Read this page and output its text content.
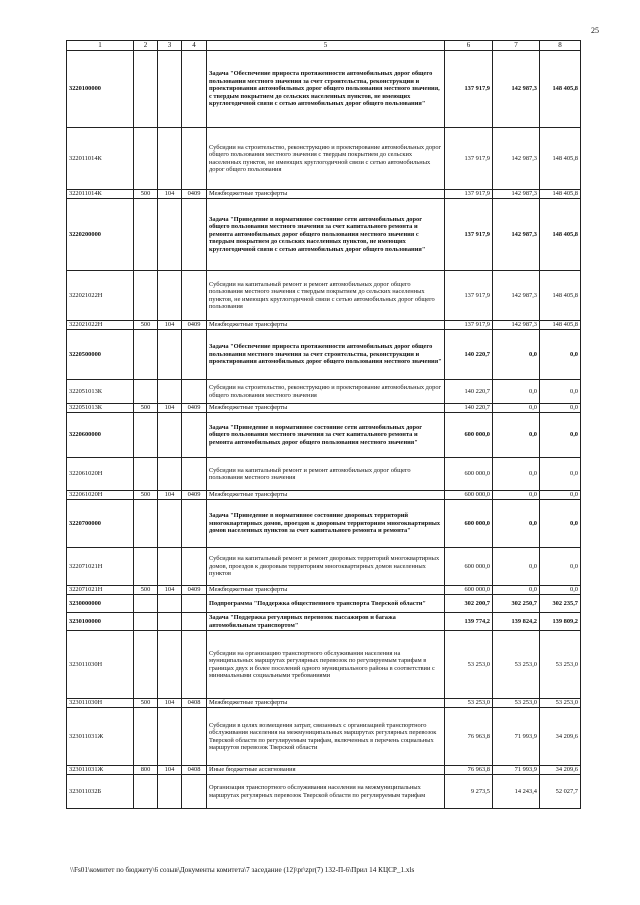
25
1	2	3	4	5	6	7	8
3220100000				Задача "Обеспечение прироста протяженности автомобильных дорог общего пользования местного значения за счет строительства, реконструкции и проектирования автомобильных дорог общего пользования местного значения, с твердым покрытием до сельских населенных пунктов, не имеющих круглогодичной связи с сетью автомобильных дорог общего пользования"	137 917,9	142 987,3	148 405,8
322011014К				Субсидии на строительство, реконструкцию и проектирование автомобильных дорог общего пользования местного значения с твердым покрытием до сельских населенных пунктов, не имеющих круглогодичной связи с сетью автомобильных дорог общего пользования	137 917,9	142 987,3	148 405,8
322011014К	500	104	0409	Межбюджетные трансферты	137 917,9	142 987,3	148 405,8
3220200000				Задача "Приведение в нормативное состояние сети автомобильных дорог общего пользования местного значения за счет капитального ремонта и ремонта автомобильных дорог общего пользования местного значения с твердым покрытием до сельских населенных пунктов, не имеющих круглогодичной связи с сетью автомобильных дорог общего пользования"	137 917,9	142 987,3	148 405,8
322021022Н				Субсидии на капитальный ремонт и ремонт автомобильных дорог общего пользования местного значения с твердым покрытием до сельских населенных пунктов, не имеющих круглогодичной связи с сетью автомобильных дорог общего пользования	137 917,9	142 987,3	148 405,8
322021022Н	500	104	0409	Межбюджетные трансферты	137 917,9	142 987,3	148 405,8
3220500000				Задача "Обеспечение прироста протяженности автомобильных дорог общего пользования местного значения за счет строительства, реконструкции и проектирования автомобильных дорог общего пользования местного значения"	140 220,7	0,0	0,0
322051013К				Субсидии на строительство, реконструкцию и проектирование автомобильных дорог общего пользования местного значения	140 220,7	0,0	0,0
322051013К	500	104	0409	Межбюджетные трансферты	140 220,7	0,0	0,0
3220600000				Задача "Приведение в нормативное состояние сети автомобильных дорог общего пользования местного значения за счет капитального ремонта и ремонта автомобильных дорог общего пользования местного значения"	600 000,0	0,0	0,0
322061020Н				Субсидии на капитальный ремонт и ремонт автомобильных дорог общего пользования местного значения	600 000,0	0,0	0,0
322061020Н	500	104	0409	Межбюджетные трансферты	600 000,0	0,0	0,0
3220700000				Задача "Приведение в нормативное состояние дворовых территорий многоквартирных домов, проездов к дворовым территориям многоквартирных домов населенных пунктов за счет капитального ремонта и ремонта"	600 000,0	0,0	0,0
322071021Н				Субсидии на капитальный ремонт и ремонт дворовых территорий многоквартирных домов, проездов к дворовым территориям многоквартирных домов населенных пунктов	600 000,0	0,0	0,0
322071021Н	500	104	0409	Межбюджетные трансферты	600 000,0	0,0	0,0
3230000000				Подпрограмма "Поддержка общественного транспорта Тверской области"	302 200,7	302 250,7	302 235,7
3230100000				Задача "Поддержка регулярных перевозок пассажиров и багажа автомобильным транспортом"	139 774,2	139 824,2	139 809,2
323011030Н				Субсидии на организацию транспортного обслуживания населения на муниципальных маршрутах регулярных перевозок по регулируемым тарифам в границах двух и более поселений одного муниципального района в соответствии с минимальными социальными требованиями	53 253,0	53 253,0	53 253,0
323011030Н	500	104	0408	Межбюджетные трансферты	53 253,0	53 253,0	53 253,0
323011031Ж				Субсидии в целях возмещения затрат, связанных с организацией транспортного обслуживания населения на межмуниципальных маршрутах регулярных перевозок Тверской области по регулируемым тарифам, включенных в перечень социальных маршрутов перевозок Тверской области	76 963,8	71 993,9	34 209,6
323011031Ж	800	104	0408	Иные бюджетные ассигнования	76 963,8	71 993,9	34 209,6
323011032Б				Организация транспортного обслуживания населения на межмуниципальных маршрутах регулярных перевозок Тверской области по регулируемым тарифам	9 273,5	14 243,4	52 027,7
\\Fs01\комитет по бюджету\6 созыв\Документы комитета\7 заседание (12)\pr\zpr(7) 132-П-6\Прил 14 КЦСР_1.xls
